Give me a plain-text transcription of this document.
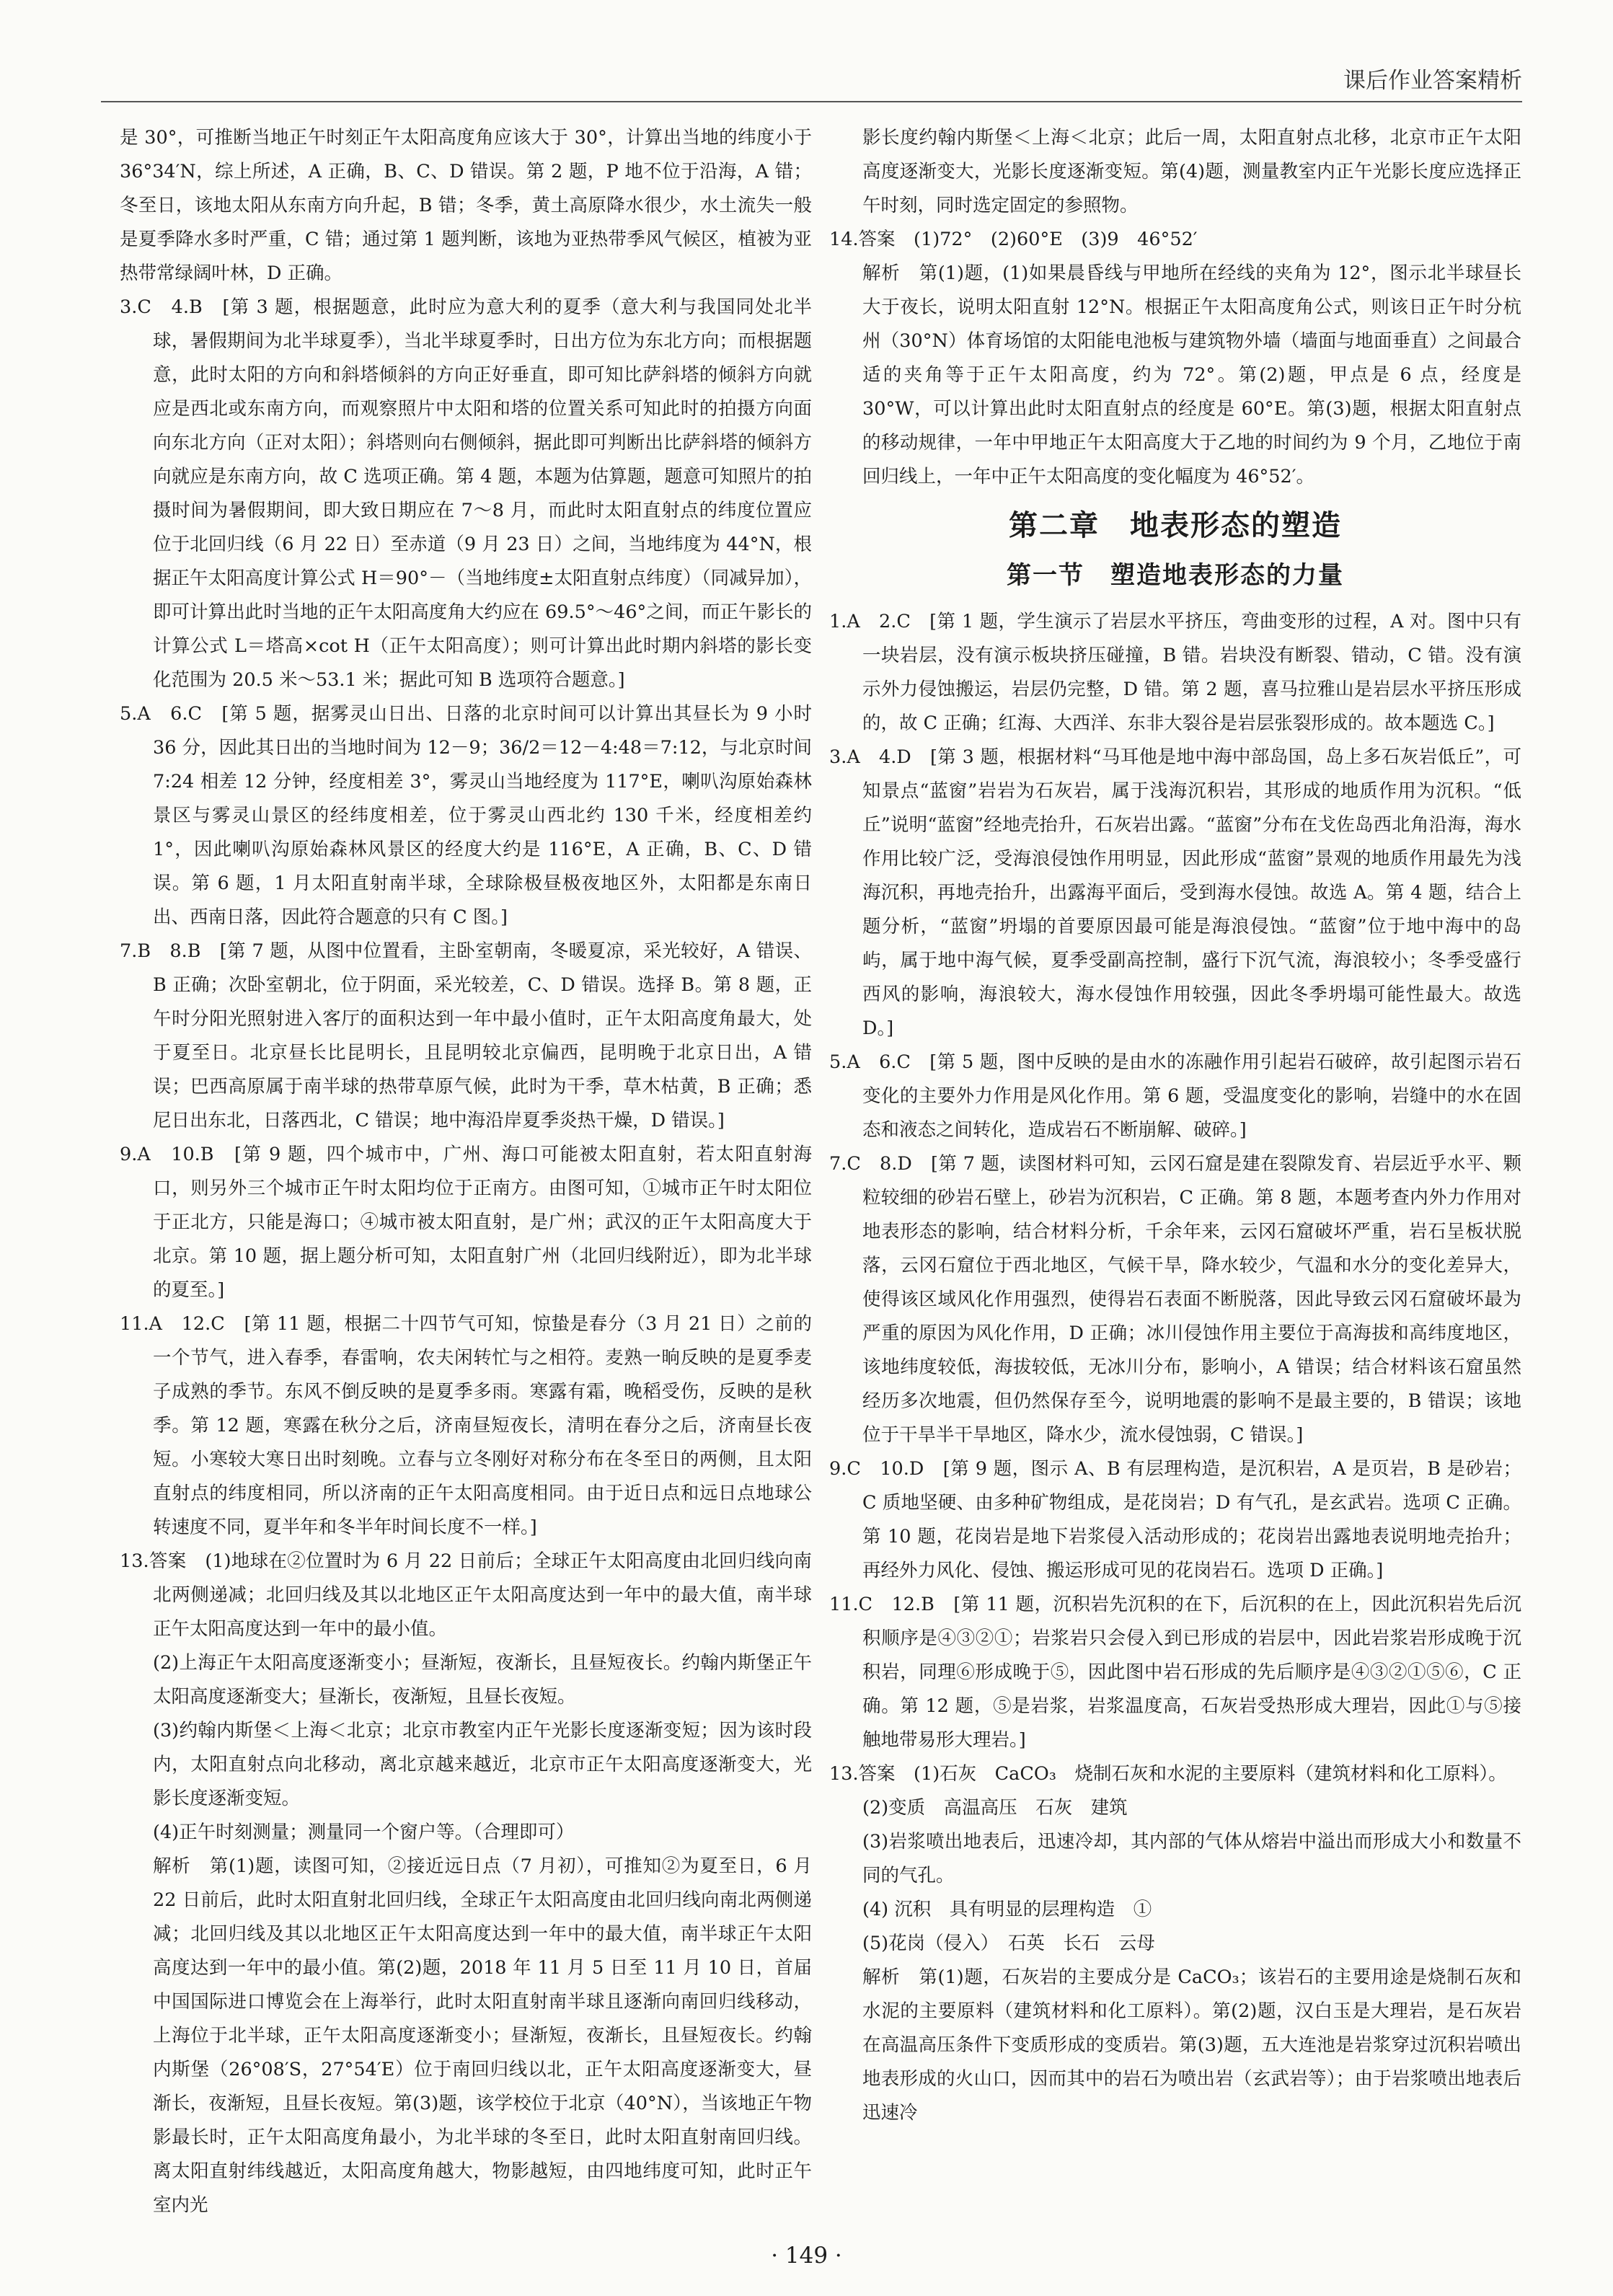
课后作业答案精析

是 30°，可推断当地正午时刻正午太阳高度角应该大于 30°，计算出当地的纬度小于 36°34′N，综上所述，A 正确，B、C、D 错误。第 2 题，P 地不位于沿海，A 错；冬至日，该地太阳从东南方向升起，B 错；冬季，黄土高原降水很少，水土流失一般是夏季降水多时严重，C 错；通过第 1 题判断，该地为亚热带季风气候区，植被为亚热带常绿阔叶林，D 正确。

3.C　4.B　[第 3 题，根据题意，此时应为意大利的夏季（意大利与我国同处北半球，暑假期间为北半球夏季），当北半球夏季时，日出方位为东北方向；而根据题意，此时太阳的方向和斜塔倾斜的方向正好垂直，即可知比萨斜塔的倾斜方向就应是西北或东南方向，而观察照片中太阳和塔的位置关系可知此时的拍摄方向面向东北方向（正对太阳）；斜塔则向右侧倾斜，据此即可判断出比萨斜塔的倾斜方向就应是东南方向，故 C 选项正确。第 4 题，本题为估算题，题意可知照片的拍摄时间为暑假期间，即大致日期应在 7～8 月，而此时太阳直射点的纬度位置应位于北回归线（6 月 22 日）至赤道（9 月 23 日）之间，当地纬度为 44°N，根据正午太阳高度计算公式 H＝90°－（当地纬度±太阳直射点纬度）（同减异加），即可计算出此时当地的正午太阳高度角大约应在 69.5°～46°之间，而正午影长的计算公式 L＝塔高×cot H（正午太阳高度）；则可计算出此时期内斜塔的影长变化范围为 20.5 米～53.1 米；据此可知 B 选项符合题意。]

5.A　6.C　[第 5 题，据雾灵山日出、日落的北京时间可以计算出其昼长为 9 小时 36 分，因此其日出的当地时间为 12－9；36/2＝12－4:48＝7:12，与北京时间 7:24 相差 12 分钟，经度相差 3°，雾灵山当地经度为 117°E，喇叭沟原始森林景区与雾灵山景区的经纬度相差，位于雾灵山西北约 130 千米，经度相差约 1°，因此喇叭沟原始森林风景区的经度大约是 116°E，A 正确，B、C、D 错误。第 6 题，1 月太阳直射南半球，全球除极昼极夜地区外，太阳都是东南日出、西南日落，因此符合题意的只有 C 图。]

7.B　8.B　[第 7 题，从图中位置看，主卧室朝南，冬暖夏凉，采光较好，A 错误、B 正确；次卧室朝北，位于阴面，采光较差，C、D 错误。选择 B。第 8 题，正午时分阳光照射进入客厅的面积达到一年中最小值时，正午太阳高度角最大，处于夏至日。北京昼长比昆明长，且昆明较北京偏西，昆明晚于北京日出，A 错误；巴西高原属于南半球的热带草原气候，此时为干季，草木枯黄，B 正确；悉尼日出东北，日落西北，C 错误；地中海沿岸夏季炎热干燥，D 错误。]

9.A　10.B　[第 9 题，四个城市中，广州、海口可能被太阳直射，若太阳直射海口，则另外三个城市正午时太阳均位于正南方。由图可知，①城市正午时太阳位于正北方，只能是海口；④城市被太阳直射，是广州；武汉的正午太阳高度大于北京。第 10 题，据上题分析可知，太阳直射广州（北回归线附近），即为北半球的夏至。]

11.A　12.C　[第 11 题，根据二十四节气可知，惊蛰是春分（3 月 21 日）之前的一个节气，进入春季，春雷响，农夫闲转忙与之相符。麦熟一晌反映的是夏季麦子成熟的季节。东风不倒反映的是夏季多雨。寒露有霜，晚稻受伤，反映的是秋季。第 12 题，寒露在秋分之后，济南昼短夜长，清明在春分之后，济南昼长夜短。小寒较大寒日出时刻晚。立春与立冬刚好对称分布在冬至日的两侧，且太阳直射点的纬度相同，所以济南的正午太阳高度相同。由于近日点和远日点地球公转速度不同，夏半年和冬半年时间长度不一样。]

13.答案　(1)地球在②位置时为 6 月 22 日前后；全球正午太阳高度由北回归线向南北两侧递减；北回归线及其以北地区正午太阳高度达到一年中的最大值，南半球正午太阳高度达到一年中的最小值。

(2)上海正午太阳高度逐渐变小；昼渐短，夜渐长，且昼短夜长。约翰内斯堡正午太阳高度逐渐变大；昼渐长，夜渐短，且昼长夜短。

(3)约翰内斯堡＜上海＜北京；北京市教室内正午光影长度逐渐变短；因为该时段内，太阳直射点向北移动，离北京越来越近，北京市正午太阳高度逐渐变大，光影长度逐渐变短。

(4)正午时刻测量；测量同一个窗户等。（合理即可）

解析　第(1)题，读图可知，②接近远日点（7 月初），可推知②为夏至日，6 月 22 日前后，此时太阳直射北回归线，全球正午太阳高度由北回归线向南北两侧递减；北回归线及其以北地区正午太阳高度达到一年中的最大值，南半球正午太阳高度达到一年中的最小值。第(2)题，2018 年 11 月 5 日至 11 月 10 日，首届中国国际进口博览会在上海举行，此时太阳直射南半球且逐渐向南回归线移动，上海位于北半球，正午太阳高度逐渐变小；昼渐短，夜渐长，且昼短夜长。约翰内斯堡（26°08′S，27°54′E）位于南回归线以北，正午太阳高度逐渐变大，昼渐长，夜渐短，且昼长夜短。第(3)题，该学校位于北京（40°N），当该地正午物影最长时，正午太阳高度角最小，为北半球的冬至日，此时太阳直射南回归线。离太阳直射纬线越近，太阳高度角越大，物影越短，由四地纬度可知，此时正午室内光

影长度约翰内斯堡＜上海＜北京；此后一周，太阳直射点北移，北京市正午太阳高度逐渐变大，光影长度逐渐变短。第(4)题，测量教室内正午光影长度应选择正午时刻，同时选定固定的参照物。

14.答案　(1)72°　(2)60°E　(3)9　46°52′

解析　第(1)题，(1)如果晨昏线与甲地所在经线的夹角为 12°，图示北半球昼长大于夜长，说明太阳直射 12°N。根据正午太阳高度角公式，则该日正午时分杭州（30°N）体育场馆的太阳能电池板与建筑物外墙（墙面与地面垂直）之间最合适的夹角等于正午太阳高度，约为 72°。第(2)题，甲点是 6 点，经度是 30°W，可以计算出此时太阳直射点的经度是 60°E。第(3)题，根据太阳直射点的移动规律，一年中甲地正午太阳高度大于乙地的时间约为 9 个月，乙地位于南回归线上，一年中正午太阳高度的变化幅度为 46°52′。

第二章　地表形态的塑造
第一节　塑造地表形态的力量

1.A　2.C　[第 1 题，学生演示了岩层水平挤压，弯曲变形的过程，A 对。图中只有一块岩层，没有演示板块挤压碰撞，B 错。岩块没有断裂、错动，C 错。没有演示外力侵蚀搬运，岩层仍完整，D 错。第 2 题，喜马拉雅山是岩层水平挤压形成的，故 C 正确；红海、大西洋、东非大裂谷是岩层张裂形成的。故本题选 C。]

3.A　4.D　[第 3 题，根据材料“马耳他是地中海中部岛国，岛上多石灰岩低丘”，可知景点“蓝窗”岩岩为石灰岩，属于浅海沉积岩，其形成的地质作用为沉积。“低丘”说明“蓝窗”经地壳抬升，石灰岩出露。“蓝窗”分布在戈佐岛西北角沿海，海水作用比较广泛，受海浪侵蚀作用明显，因此形成“蓝窗”景观的地质作用最先为浅海沉积，再地壳抬升，出露海平面后，受到海水侵蚀。故选 A。第 4 题，结合上题分析，“蓝窗”坍塌的首要原因最可能是海浪侵蚀。“蓝窗”位于地中海中的岛屿，属于地中海气候，夏季受副高控制，盛行下沉气流，海浪较小；冬季受盛行西风的影响，海浪较大，海水侵蚀作用较强，因此冬季坍塌可能性最大。故选 D。]

5.A　6.C　[第 5 题，图中反映的是由水的冻融作用引起岩石破碎，故引起图示岩石变化的主要外力作用是风化作用。第 6 题，受温度变化的影响，岩缝中的水在固态和液态之间转化，造成岩石不断崩解、破碎。]

7.C　8.D　[第 7 题，读图材料可知，云冈石窟是建在裂隙发育、岩层近乎水平、颗粒较细的砂岩石壁上，砂岩为沉积岩，C 正确。第 8 题，本题考查内外力作用对地表形态的影响，结合材料分析，千余年来，云冈石窟破坏严重，岩石呈板状脱落，云冈石窟位于西北地区，气候干旱，降水较少，气温和水分的变化差异大，使得该区域风化作用强烈，使得岩石表面不断脱落，因此导致云冈石窟破坏最为严重的原因为风化作用，D 正确；冰川侵蚀作用主要位于高海拔和高纬度地区，该地纬度较低，海拔较低，无冰川分布，影响小，A 错误；结合材料该石窟虽然经历多次地震，但仍然保存至今，说明地震的影响不是最主要的，B 错误；该地位于干旱半干旱地区，降水少，流水侵蚀弱，C 错误。]

9.C　10.D　[第 9 题，图示 A、B 有层理构造，是沉积岩，A 是页岩，B 是砂岩；C 质地坚硬、由多种矿物组成，是花岗岩；D 有气孔，是玄武岩。选项 C 正确。第 10 题，花岗岩是地下岩浆侵入活动形成的；花岗岩出露地表说明地壳抬升；再经外力风化、侵蚀、搬运形成可见的花岗岩石。选项 D 正确。]

11.C　12.B　[第 11 题，沉积岩先沉积的在下，后沉积的在上，因此沉积岩先后沉积顺序是④③②①；岩浆岩只会侵入到已形成的岩层中，因此岩浆岩形成晚于沉积岩，同理⑥形成晚于⑤，因此图中岩石形成的先后顺序是④③②①⑤⑥，C 正确。第 12 题，⑤是岩浆，岩浆温度高，石灰岩受热形成大理岩，因此①与⑤接触地带易形大理岩。]

13.答案　(1)石灰　CaCO₃　烧制石灰和水泥的主要原料（建筑材料和化工原料）。

(2)变质　高温高压　石灰　建筑

(3)岩浆喷出地表后，迅速冷却，其内部的气体从熔岩中溢出而形成大小和数量不同的气孔。

(4) 沉积　具有明显的层理构造　①

(5)花岗（侵入）　石英　长石　云母

解析　第(1)题，石灰岩的主要成分是 CaCO₃；该岩石的主要用途是烧制石灰和水泥的主要原料（建筑材料和化工原料）。第(2)题，汉白玉是大理岩，是石灰岩在高温高压条件下变质形成的变质岩。第(3)题，五大连池是岩浆穿过沉积岩喷出地表形成的火山口，因而其中的岩石为喷出岩（玄武岩等）；由于岩浆喷出地表后迅速冷

· 149 ·
